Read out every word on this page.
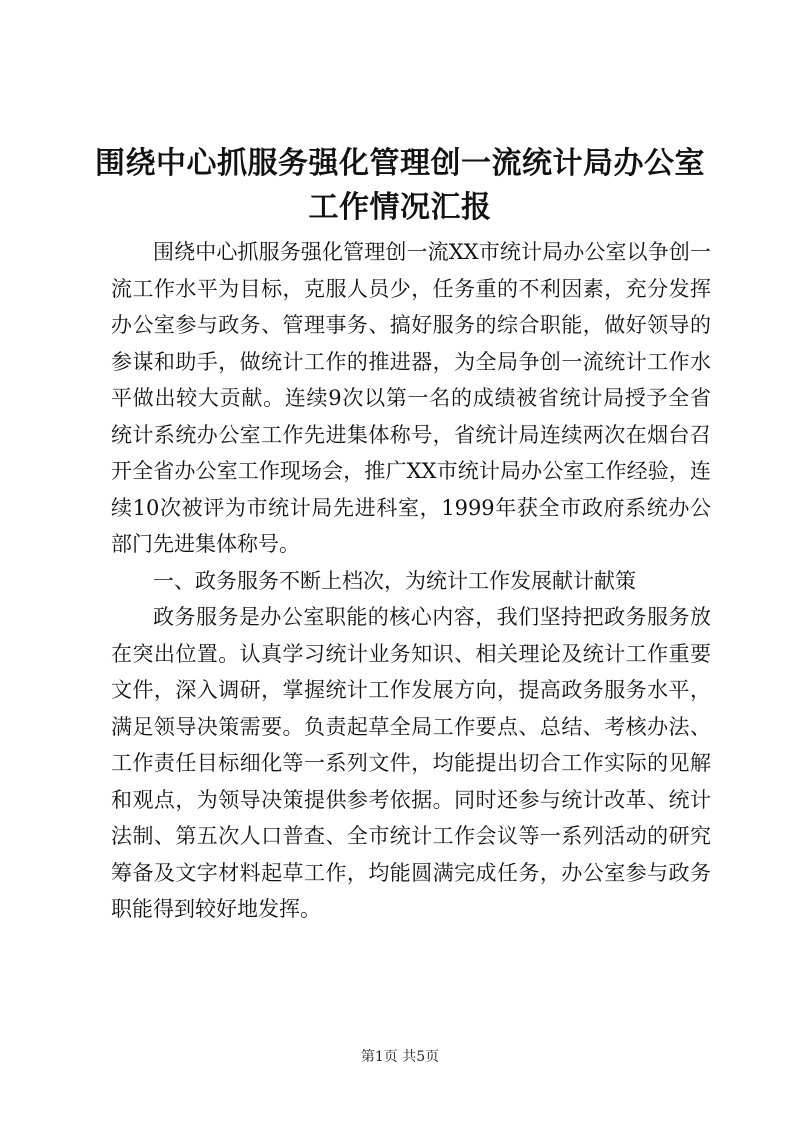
围绕中心抓服务强化管理创一流统计局办公室
工作情况汇报

围绕中心抓服务强化管理创一流XX市统计局办公室以争创一流工作水平为目标，克服人员少，任务重的不利因素，充分发挥办公室参与政务、管理事务、搞好服务的综合职能，做好领导的参谋和助手，做统计工作的推进器，为全局争创一流统计工作水平做出较大贡献。连续9次以第一名的成绩被省统计局授予全省统计系统办公室工作先进集体称号，省统计局连续两次在烟台召开全省办公室工作现场会，推广XX市统计局办公室工作经验，连续10次被评为市统计局先进科室，1999年获全市政府系统办公部门先进集体称号。

一、政务服务不断上档次，为统计工作发展献计献策

政务服务是办公室职能的核心内容，我们坚持把政务服务放在突出位置。认真学习统计业务知识、相关理论及统计工作重要文件，深入调研，掌握统计工作发展方向，提高政务服务水平，满足领导决策需要。负责起草全局工作要点、总结、考核办法、工作责任目标细化等一系列文件，均能提出切合工作实际的见解和观点，为领导决策提供参考依据。同时还参与统计改革、统计法制、第五次人口普查、全市统计工作会议等一系列活动的研究筹备及文字材料起草工作，均能圆满完成任务，办公室参与政务职能得到较好地发挥。

第1页 共5页
